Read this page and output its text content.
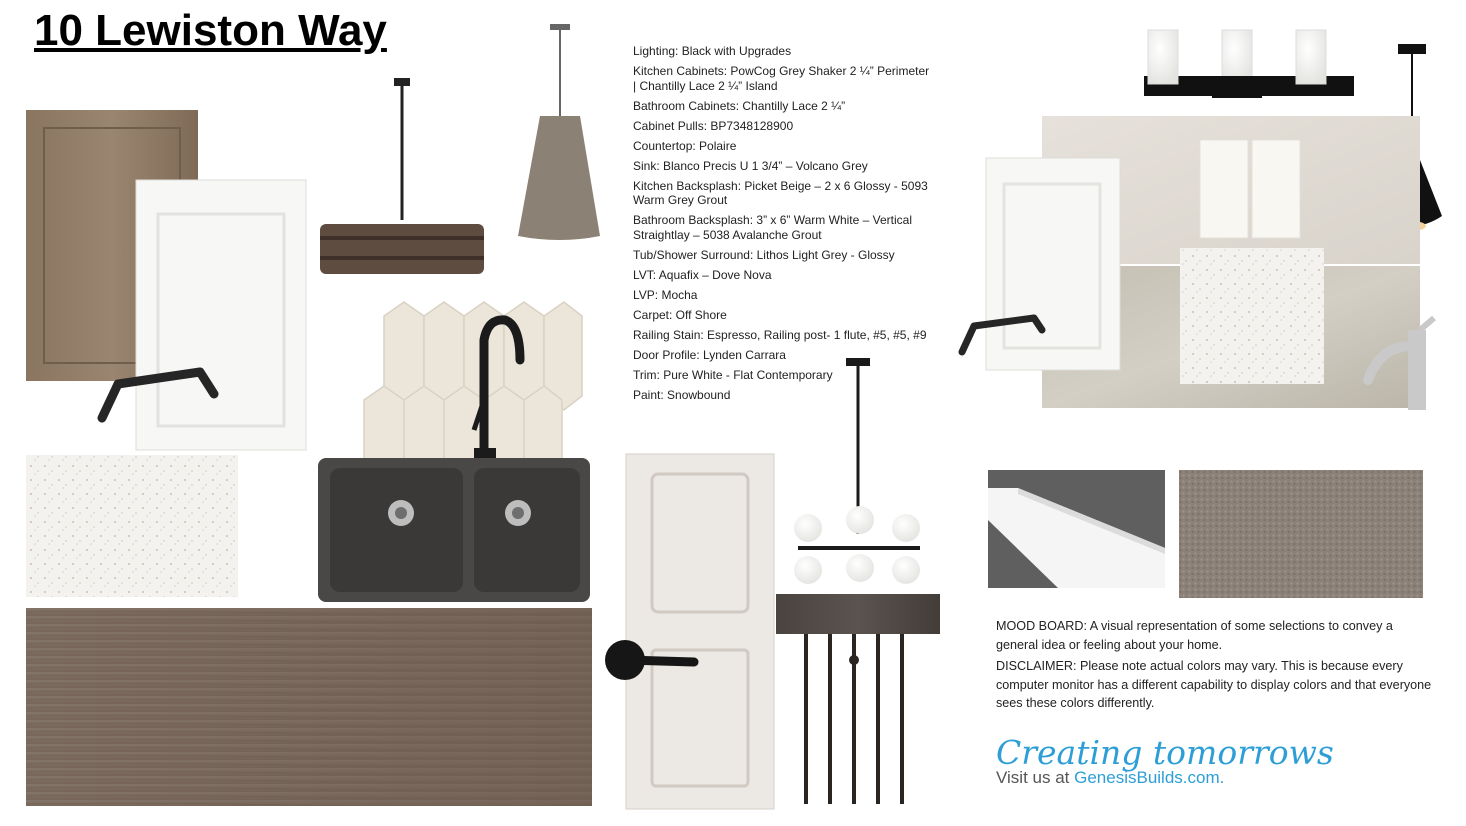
10 Lewiston Way	Lighting: Black with Upgrades
Kitchen Cabinets: PowCog Grey Shaker 2 ¼” Perimeter | Chantilly Lace 2 ¼” Island
Bathroom Cabinets: Chantilly Lace 2 ¼”
Cabinet Pulls: BP7348128900
Countertop: Polaire
Sink: Blanco Precis U 1 3/4” – Volcano Grey
Kitchen Backsplash: Picket Beige – 2 x 6 Glossy - 5093 Warm Grey Grout
Bathroom Backsplash: 3” x 6” Warm White – Vertical Straightlay – 5038 Avalanche Grout
Tub/Shower Surround: Lithos Light Grey - Glossy
LVT: Aquafix – Dove Nova
LVP: Mocha
Carpet: Off Shore
Railing Stain: Espresso, Railing post- 1 flute, #5, #5, #9
Door Profile: Lynden Carrara
Trim: Pure White - Flat Contemporary
Paint: Snowbound

MOOD BOARD: A visual representation of some selections to convey a general idea or feeling about your home.

DISCLAIMER: Please note actual colors may vary. This is because every computer monitor has a different capability to display colors and that everyone sees these colors differently.

Creating tomorrows
Visit us at GenesisBuilds.com.
